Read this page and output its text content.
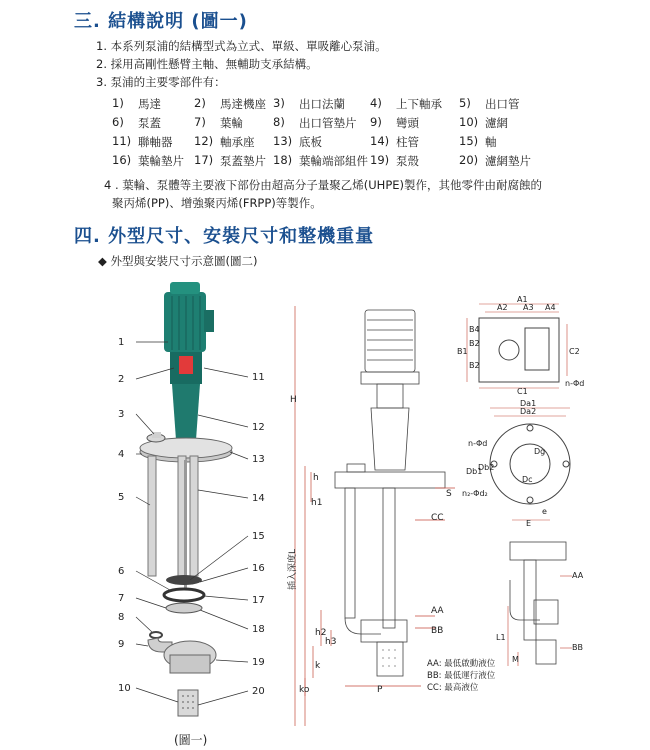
三. 結構說明 (圖一)
1. 本系列泵浦的結構型式為立式、單級、單吸離心泵浦。
2. 採用高剛性懸臂主軸、無輔助支承結構。
3. 泵浦的主要零部件有：
1) 馬達	2) 馬達機座 3) 出口法蘭 4) 上下軸承 5) 出口管
6) 泵蓋	7) 葉輪	8) 出口管墊片 9) 彎頭	10) 濾網
11) 聯軸器 12) 軸承座 13) 底板	14) 柱管	15) 軸
16) 葉輪墊片 17) 泵蓋墊片 18) 葉輪端部組件 19) 泵殼	20) 濾網墊片
4 . 葉輪、泵體等主要液下部份由超高分子量聚乙烯(UHPE)製作，其他零件由耐腐蝕的
聚丙烯(PP)、增強聚丙烯(FRPP)等製作。
四. 外型尺寸、安裝尺寸和整機重量
◆ 外型與安裝尺寸示意圖(圖二)
1
2
3
4
5
6
7
8
9
10
11
12
13
14
15
16
17
18
19
20
(圖一)
H
h
h1
S
CC
插入深度L
AA
BB
h2
h3
k
ko	P
AA: 最低啟動液位
BB: 最低運行液位
CC: 最高液位
A1
A2 A3 A4
B1
B2
B4
B2
C2
C1
n-Φd
Da1
Da2
n-Φd
Dg
Db1
Db2
Dc
n₂-Φd₂
E
e
AA
BB
L1
M
